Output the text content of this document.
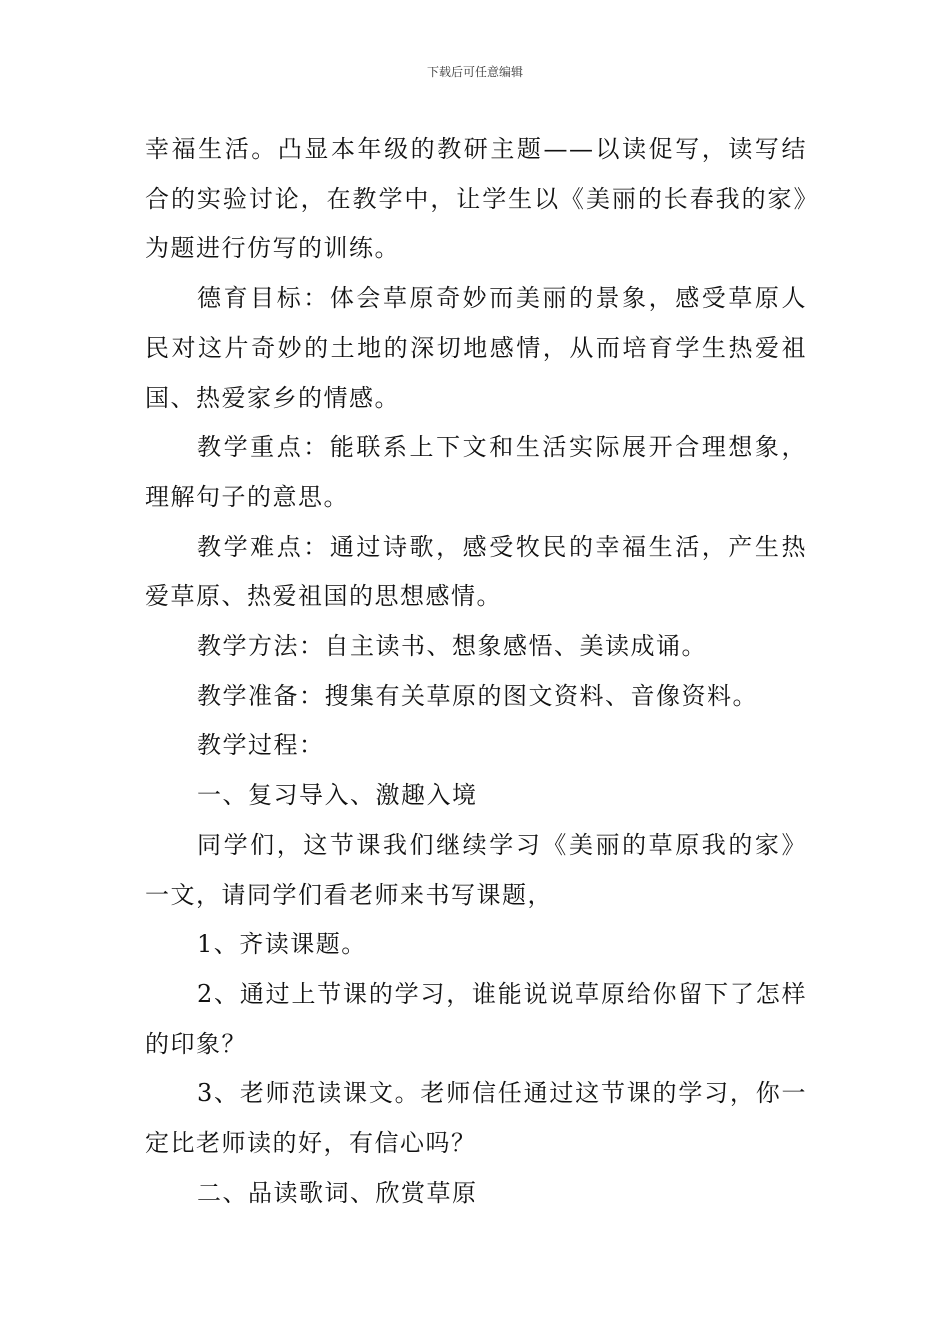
下载后可任意编辑

幸福生活。凸显本年级的教研主题——以读促写，读写结合的实验讨论，在教学中，让学生以《美丽的长春我的家》为题进行仿写的训练。

德育目标：体会草原奇妙而美丽的景象，感受草原人民对这片奇妙的土地的深切地感情，从而培育学生热爱祖国、热爱家乡的情感。

教学重点：能联系上下文和生活实际展开合理想象，理解句子的意思。

教学难点：通过诗歌，感受牧民的幸福生活，产生热爱草原、热爱祖国的思想感情。

教学方法：自主读书、想象感悟、美读成诵。

教学准备：搜集有关草原的图文资料、音像资料。

教学过程：

一、复习导入、激趣入境

同学们，这节课我们继续学习《美丽的草原我的家》一文，请同学们看老师来书写课题，

1、齐读课题。

2、通过上节课的学习，谁能说说草原给你留下了怎样的印象？

3、老师范读课文。老师信任通过这节课的学习，你一定比老师读的好，有信心吗？

二、品读歌词、欣赏草原
